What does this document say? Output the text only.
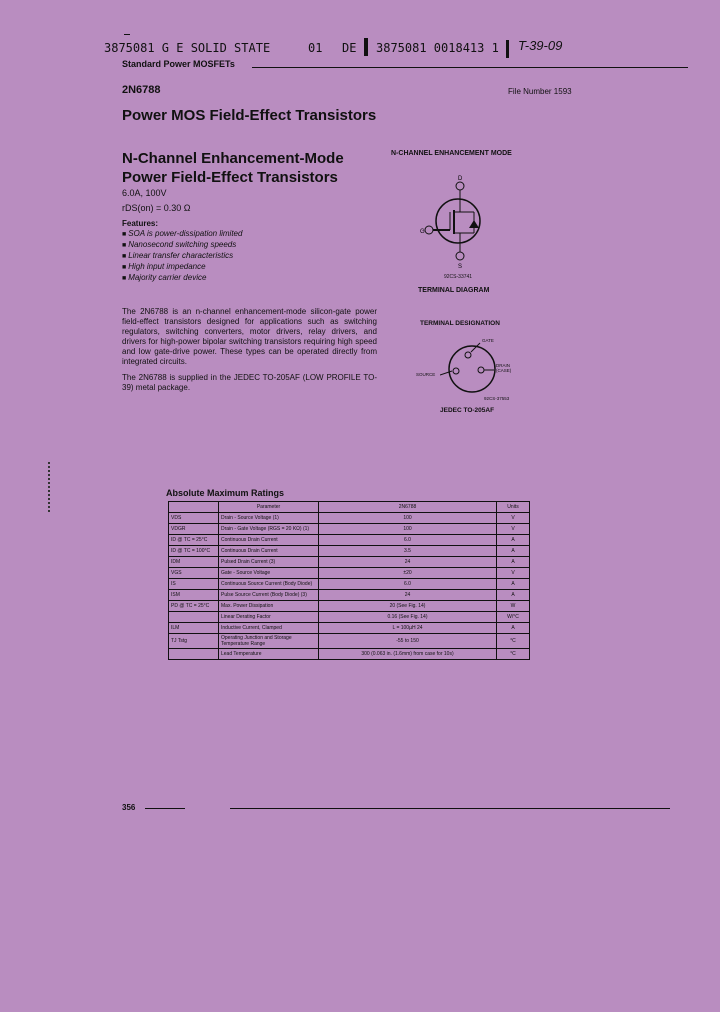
3875081 G E SOLID STATE	01 DE 3875081 0018413 1 T-39-09
Standard Power MOSFETs
2N6788	File Number 1593
Power MOS Field-Effect Transistors
N-Channel Enhancement-Mode
Power Field-Effect Transistors
6.0A, 100V
rDS(on) = 0.30 Ω
Features:
■ SOA is power-dissipation limited
■ Nanosecond switching speeds
■ Linear transfer characteristics
■ High input impedance
■ Majority carrier device

The 2N6788 is an n-channel enhancement-mode silicon-gate power field-effect transistors designed for applications such as switching regulators, switching converters, motor drivers, relay drivers, and drivers for high-power bipolar switching transistors requiring high speed and low gate-drive power. These types can be operated directly from integrated circuits.

The 2N6788 is supplied in the JEDEC TO-205AF (LOW PROFILE TO-39) metal package.

N-CHANNEL ENHANCEMENT MODE
D
G
S
92CS-33741
TERMINAL DIAGRAM
TERMINAL DESIGNATION
GATE
DRAIN (CASE)
SOURCE
92CS-37553
JEDEC TO-205AF
Absolute Maximum Ratings
	Parameter	2N6788	Units
VDS	Drain - Source Voltage (1)	100	V
VDGR	Drain - Gate Voltage (RGS = 20 KΩ) (1)	100	V
ID @ TC = 25°C	Continuous Drain Current	6.0	A
ID @ TC = 100°C	Continuous Drain Current	3.5	A
IDM	Pulsed Drain Current (3)	24	A
VGS	Gate - Source Voltage	±20	V
IS	Continuous Source Current (Body Diode)	6.0	A
ISM	Pulse Source Current (Body Diode) (3)	24	A
PD @ TC = 25°C	Max. Power Dissipation	20 (See Fig. 14)	W
	Linear Derating Factor	0.16 (See Fig. 14)	W/°C
ILM	Inductive Current, Clamped	L = 100µH 24	A
TJ Tstg	Operating Junction and Storage Temperature Range	-55 to 150	°C
	Lead Temperature	300 (0.063 in. (1.6mm) from case for 10s)	°C
356
